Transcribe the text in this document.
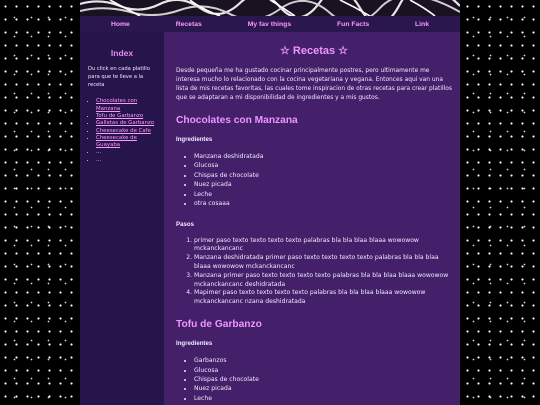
Home	Recetas	My fav things	Fun Facts	Link
Index

Du click en cada platillo para que te lleve a la receta

• Chocolates con Manzana
• Tofu de Garbanzo
• Galletas de Garbanzo
• Cheesecake de Cafe
• Cheesecake de Guayaba
• ...
• ...
☆ Recetas ☆

Desde pequeña me ha gustado cocinar principalmente postres, pero ultimamente me interesa mucho lo relacionado con la cocina vegetariana y vegana. Entonces aqui van una lista de mis recetas favoritas, las cuales tome inspiracion de otras recetas para crear platillos que se adaptaran a mi disponibilidad de ingredientes y a mis gustos.

Chocolates con Manzana
Ingredientes
• Manzana deshidratada
• Glucosa
• Chispas de chocolate
• Nuez picada
• Leche
• otra cosaaa
Pasos
1. primer paso texto texto texto texto palabras bla bla blaa blaaa wowowow mckanckancanc
2. Manzana deshidratada primer paso texto texto texto texto palabras bla bla blaa blaaa wowowow mckanckancanc
3. Manzana primer paso texto texto texto texto palabras bla bla blaa blaaa wowowow mckanckancanc deshidratada
4. Mapimer paso texto texto texto texto palabras bla bla blaa blaaa wowowow mckanckancanc nzana deshidratada
Tofu de Garbanzo
Ingredientes
• Garbanzos
• Glucosa
• Chispas de chocolate
• Nuez picada
• Leche
